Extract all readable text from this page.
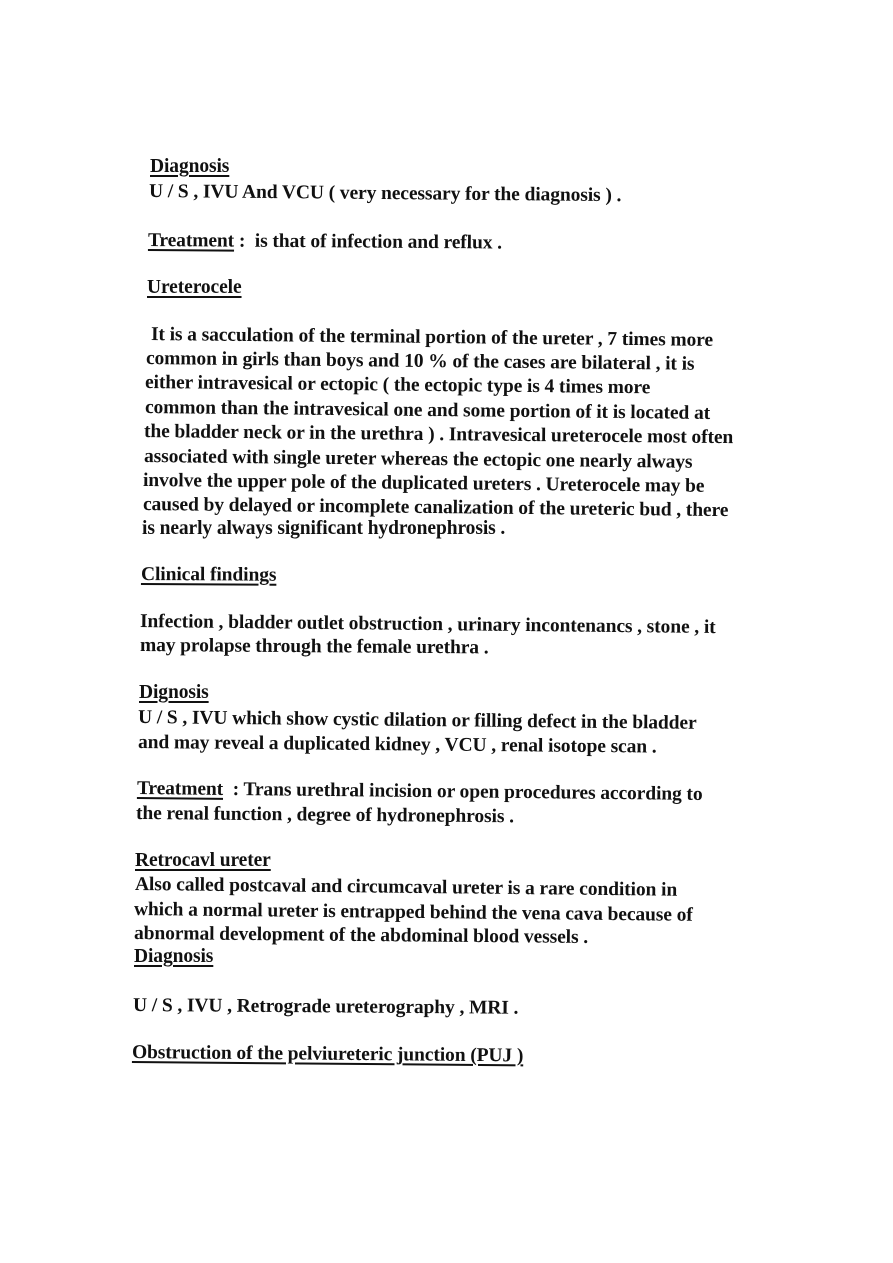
Diagnosis
U / S , IVU And VCU ( very necessary for the diagnosis ) .
Treatment :  is that of infection and reflux .
Ureterocele
It is a sacculation of the terminal portion of the ureter , 7 times more
common in girls than boys and 10 % of the cases are bilateral , it is
either intravesical or ectopic ( the ectopic type is 4 times more
common than the intravesical one and some portion of it is located at
the bladder neck or in the urethra ) . Intravesical ureterocele most often
associated with single ureter whereas the ectopic one nearly always
involve the upper pole of the duplicated ureters . Ureterocele may be
caused by delayed or incomplete canalization of the ureteric bud , there
is nearly always significant hydronephrosis .
Clinical findings
Infection , bladder outlet obstruction , urinary incontenancs , stone , it
may prolapse through the female urethra .
Dignosis
U / S , IVU which show cystic dilation or filling defect in the bladder
and may reveal a duplicated kidney , VCU , renal isotope scan .
Treatment  : Trans urethral incision or open procedures according to
the renal function , degree of hydronephrosis .
Retrocavl ureter
Also called postcaval and circumcaval ureter is a rare condition in
which a normal ureter is entrapped behind the vena cava because of
abnormal development of the abdominal blood vessels .
Diagnosis
U / S , IVU , Retrograde ureterography , MRI .
Obstruction of the pelviureteric junction (PUJ )
